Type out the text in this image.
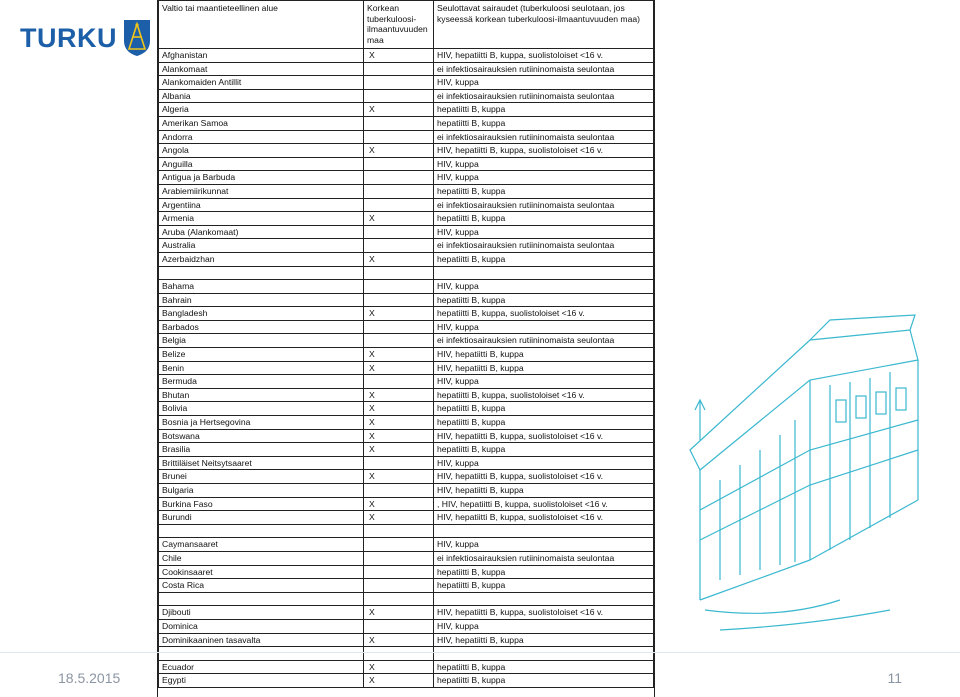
TURKU
Valtio tai maantieteellinen alue	Korkean tuberkuloosi-ilmaantuvuuden maa	Seulottavat sairaudet (tuberkuloosi seulotaan, jos kyseessä korkean tuberkuloosi-ilmaantuvuuden maa)
Afghanistan	X	HIV, hepatiitti B, kuppa, suolistoloiset <16 v.
Alankomaat		ei infektiosairauksien rutiininomaista seulontaa
Alankomaiden Antillit		HIV, kuppa
Albania		ei infektiosairauksien rutiininomaista seulontaa
Algeria	X	hepatiitti B, kuppa
Amerikan Samoa		hepatiitti B, kuppa
Andorra		ei infektiosairauksien rutiininomaista seulontaa
Angola	X	HIV, hepatiitti B, kuppa, suolistoloiset <16 v.
Anguilla		HIV, kuppa
Antigua ja Barbuda		HIV, kuppa
Arabiemiirikunnat		hepatiitti B, kuppa
Argentiina		ei infektiosairauksien rutiininomaista seulontaa
Armenia	X	hepatiitti B, kuppa
Aruba (Alankomaat)		HIV, kuppa
Australia		ei infektiosairauksien rutiininomaista seulontaa
Azerbaidzhan	X	hepatiitti B, kuppa

Bahama		HIV, kuppa
Bahrain		hepatiitti B, kuppa
Bangladesh	X	hepatiitti B, kuppa, suolistoloiset <16 v.
Barbados		HIV, kuppa
Belgia		ei infektiosairauksien rutiininomaista seulontaa
Belize	X	HIV, hepatiitti B, kuppa
Benin	X	HIV, hepatiitti B, kuppa
Bermuda		HIV, kuppa
Bhutan	X	hepatiitti B, kuppa, suolistoloiset <16 v.
Bolivia	X	hepatiitti B, kuppa
Bosnia ja Hertsegovina	X	hepatiitti B, kuppa
Botswana	X	HIV, hepatiitti B, kuppa, suolistoloiset <16 v.
Brasilia	X	hepatiitti B, kuppa
Brittiläiset Neitsytsaaret		HIV, kuppa
Brunei	X	HIV, hepatiitti B, kuppa, suolistoloiset <16 v.
Bulgaria		HIV, hepatiitti B, kuppa
Burkina Faso	X	, HIV, hepatiitti B, kuppa, suolistoloiset <16 v.
Burundi	X	HIV, hepatiitti B, kuppa, suolistoloiset <16 v.

Caymansaaret		HIV, kuppa
Chile		ei infektiosairauksien rutiininomaista seulontaa
Cookinsaaret		hepatiitti B, kuppa
Costa Rica		hepatiitti B, kuppa

Djibouti	X	HIV, hepatiitti B, kuppa, suolistoloiset <16 v.
Dominica		HIV, kuppa
Dominikaaninen tasavalta	X	HIV, hepatiitti B, kuppa

Ecuador	X	hepatiitti B, kuppa
Egypti	X	hepatiitti B, kuppa
18.5.2015	11
